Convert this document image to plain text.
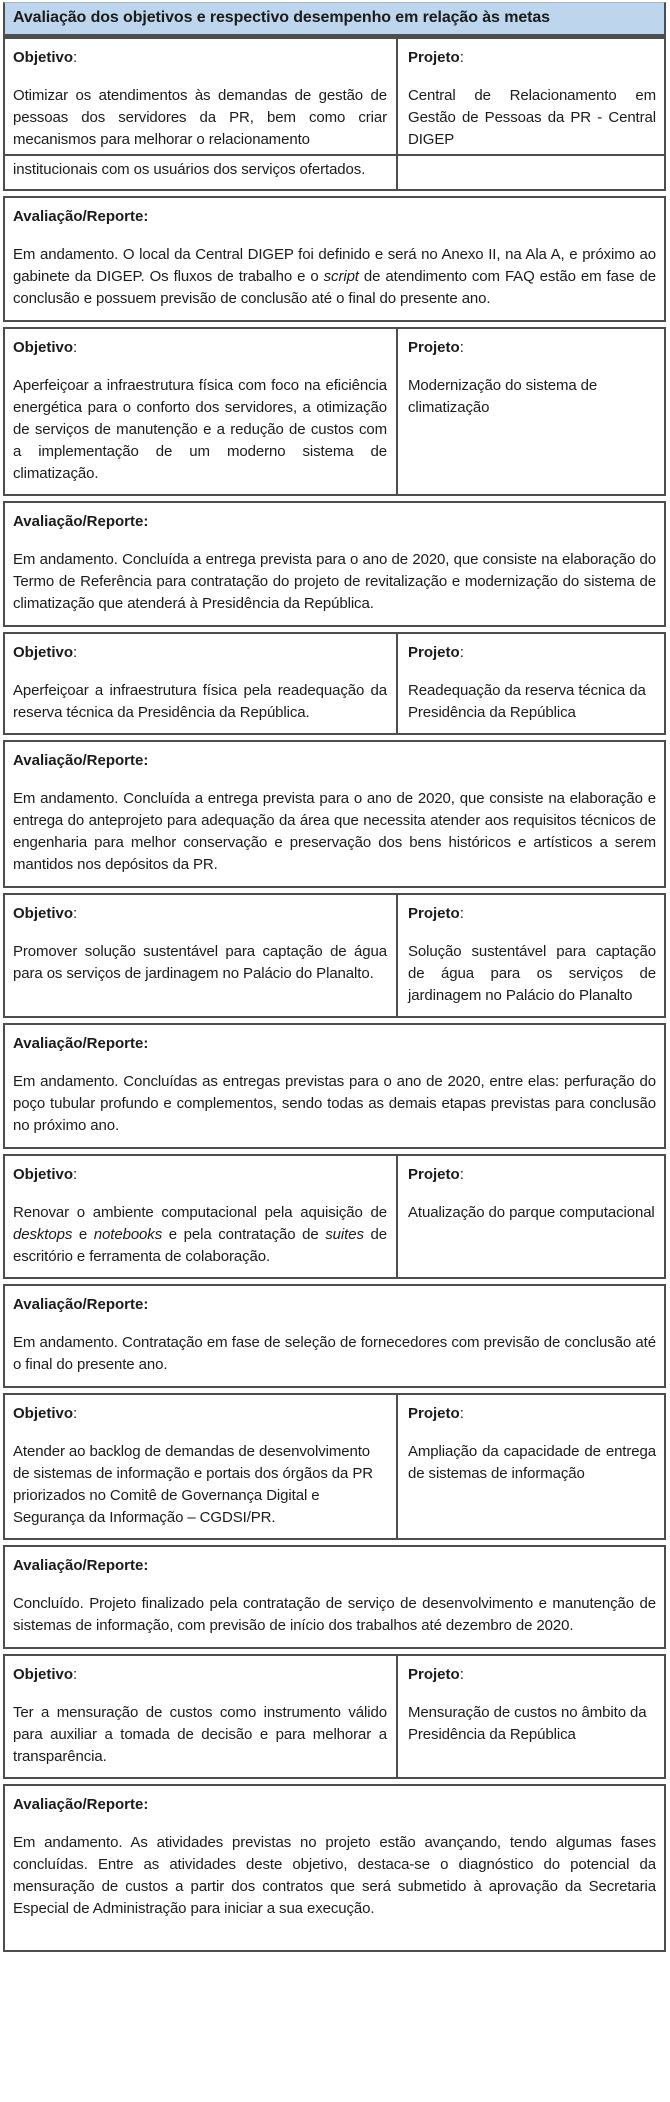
Avaliação dos objetivos e respectivo desempenho em relação às metas
Objetivo:

Otimizar os atendimentos às demandas de gestão de pessoas dos servidores da PR, bem como criar mecanismos para melhorar o relacionamento

Projeto:

Central de Relacionamento em Gestão de Pessoas da PR - Central DIGEP

institucionais com os usuários dos serviços ofertados.

Avaliação/Reporte:

Em andamento. O local da Central DIGEP foi definido e será no Anexo II, na Ala A, e próximo ao gabinete da DIGEP. Os fluxos de trabalho e o script de atendimento com FAQ estão em fase de conclusão e possuem previsão de conclusão até o final do presente ano.

Objetivo:

Aperfeiçoar a infraestrutura física com foco na eficiência energética para o conforto dos servidores, a otimização de serviços de manutenção e a redução de custos com a implementação de um moderno sistema de climatização.

Projeto:

Modernização do sistema de climatização

Avaliação/Reporte:

Em andamento. Concluída a entrega prevista para o ano de 2020, que consiste na elaboração do Termo de Referência para contratação do projeto de revitalização e modernização do sistema de climatização que atenderá à Presidência da República.

Objetivo:

Aperfeiçoar a infraestrutura física pela readequação da reserva técnica da Presidência da República.

Projeto:

Readequação da reserva técnica da Presidência da República

Avaliação/Reporte:

Em andamento. Concluída a entrega prevista para o ano de 2020, que consiste na elaboração e entrega do anteprojeto para adequação da área que necessita atender aos requisitos técnicos de engenharia para melhor conservação e preservação dos bens históricos e artísticos a serem mantidos nos depósitos da PR.

Objetivo:

Promover solução sustentável para captação de água para os serviços de jardinagem no Palácio do Planalto.

Projeto:

Solução sustentável para captação de água para os serviços de jardinagem no Palácio do Planalto

Avaliação/Reporte:

Em andamento. Concluídas as entregas previstas para o ano de 2020, entre elas: perfuração do poço tubular profundo e complementos, sendo todas as demais etapas previstas para conclusão no próximo ano.

Objetivo:

Renovar o ambiente computacional pela aquisição de desktops e notebooks e pela contratação de suites de escritório e ferramenta de colaboração.

Projeto:

Atualização do parque computacional

Avaliação/Reporte:

Em andamento. Contratação em fase de seleção de fornecedores com previsão de conclusão até o final do presente ano.

Objetivo:

Atender ao backlog de demandas de desenvolvimento de sistemas de informação e portais dos órgãos da PR priorizados no Comitê de Governança Digital e Segurança da Informação – CGDSI/PR.

Projeto:

Ampliação da capacidade de entrega de sistemas de informação

Avaliação/Reporte:

Concluído. Projeto finalizado pela contratação de serviço de desenvolvimento e manutenção de sistemas de informação, com previsão de início dos trabalhos até dezembro de 2020.

Objetivo:

Ter a mensuração de custos como instrumento válido para auxiliar a tomada de decisão e para melhorar a transparência.

Projeto:

Mensuração de custos no âmbito da Presidência da República

Avaliação/Reporte:

Em andamento. As atividades previstas no projeto estão avançando, tendo algumas fases concluídas. Entre as atividades deste objetivo, destaca-se o diagnóstico do potencial da mensuração de custos a partir dos contratos que será submetido à aprovação da Secretaria Especial de Administração para iniciar a sua execução.
